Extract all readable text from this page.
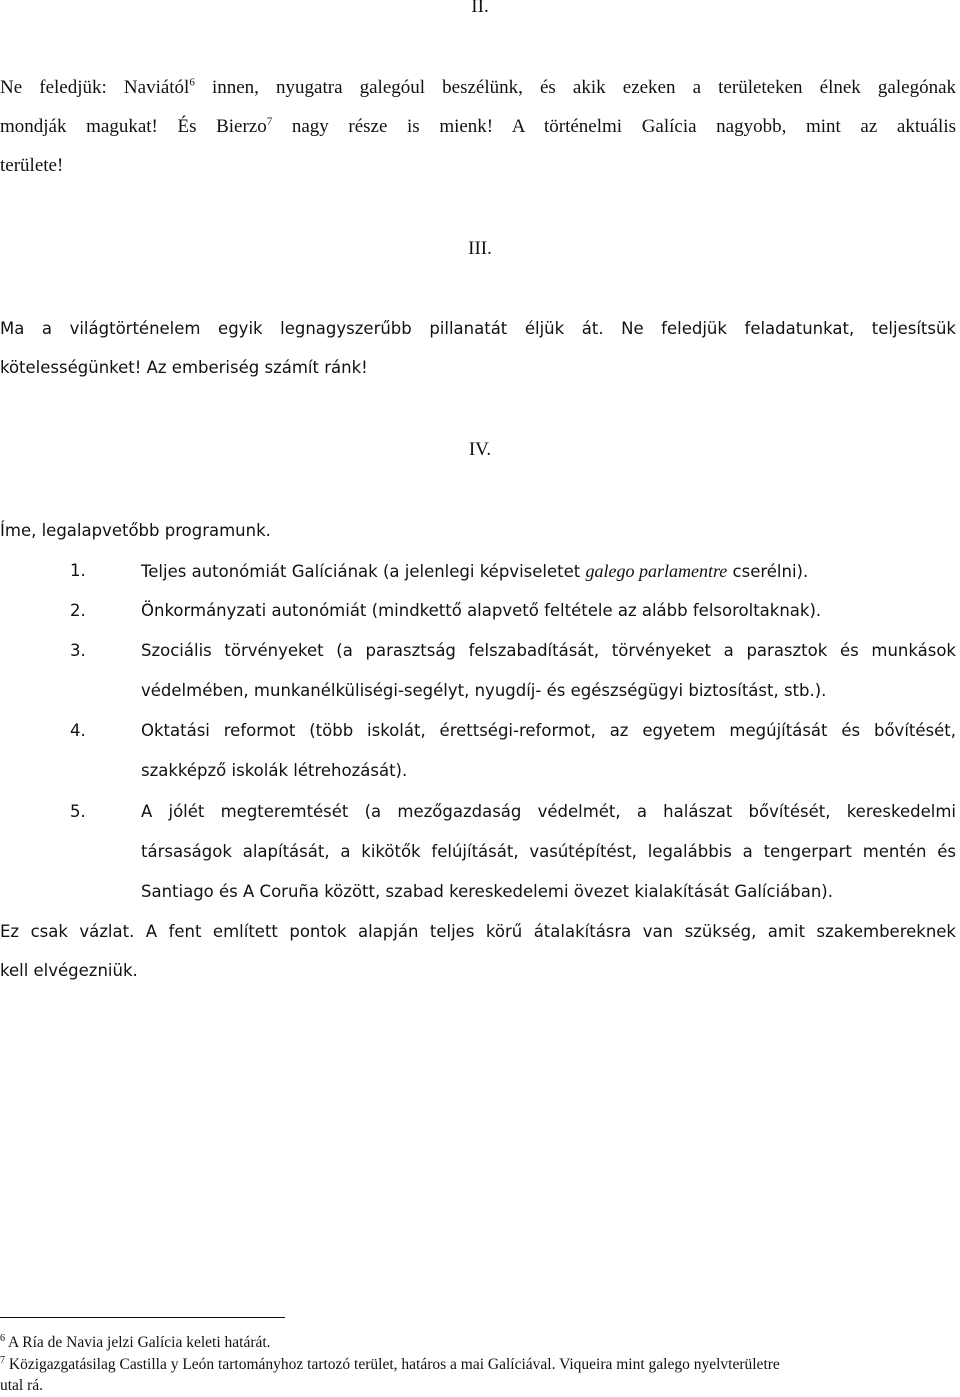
II.
Ne feledjük: Naviától$^6$ innen, nyugatra galegóul beszélünk, és akik ezeken a területeken élnek galegónak
mondják magukat! És Bierzo$^7$ nagy része is mienk! A történelmi Galícia nagyobb, mint az aktuális
területe!
III.
Ma a világtörténelem egyik legnagyszerűbb pillanatát éljük át. Ne feledjük feladatunkat, teljesítsük
kötelességünket! Az emberiség számít ránk!
IV.
Íme, legalapvetőbb programunk.
1.	Teljes autonómiát Galíciának (a jelenlegi képviseletet galego parlamentre cserélni).
2.	Önkormányzati autonómiát (mindkettő alapvető feltétele az alább felsoroltaknak).
3.	Szociális törvényeket (a parasztság felszabadítását, törvényeket a parasztok és munkások
védelmében, munkanélküliségi-segélyt, nyugdíj- és egészségügyi biztosítást, stb.).
4.	Oktatási reformot (több iskolát, érettségi-reformot, az egyetem megújítását és bővítését,
szakképző iskolák létrehozását).
5.	A jólét megteremtését (a mezőgazdaság védelmét, a halászat bővítését, kereskedelmi
társaságok alapítását, a kikötők felújítását, vasútépítést, legalábbis a tengerpart mentén és
Santiago és A Coruña között, szabad kereskedelemi övezet kialakítását Galíciában).
Ez csak vázlat. A fent említett pontok alapján teljes körű átalakításra van szükség, amit szakembereknek
kell elvégezniük.
$^6$ A Ría de Navia jelzi Galícia keleti határát.
$^7$ Közigazgatásilag Castilla y León tartományhoz tartozó terület, határos a mai Galíciával. Viqueira mint galego nyelvterületre
utal rá.
